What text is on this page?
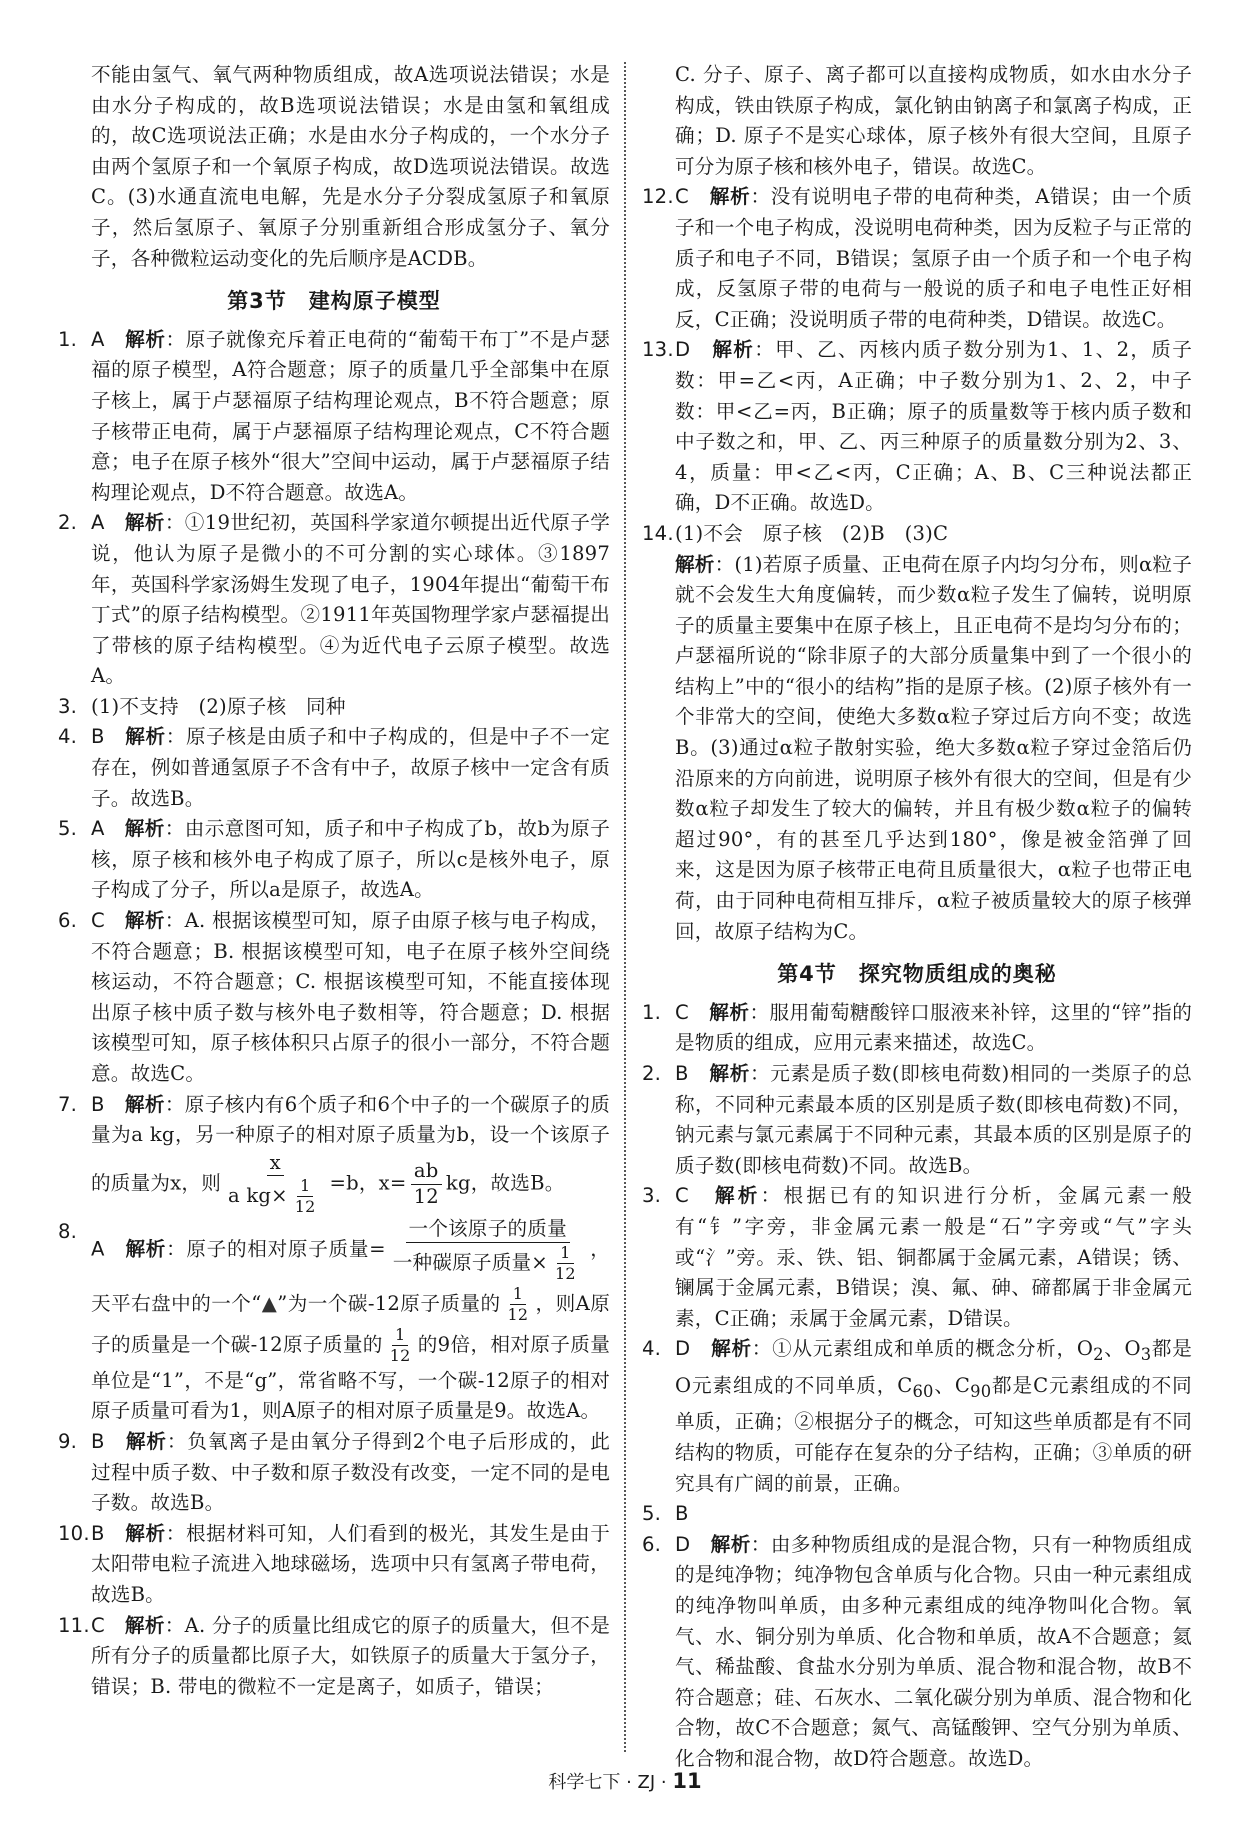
不能由氢气、氧气两种物质组成，故A选项说法错误；水是由水分子构成的，故B选项说法错误；水是由氢和氧组成的，故C选项说法正确；水是由水分子构成的，一个水分子由两个氢原子和一个氧原子构成，故D选项说法错误。故选C。(3)水通直流电电解，先是水分子分裂成氢原子和氧原子，然后氢原子、氧原子分别重新组合形成氢分子、氧分子，各种微粒运动变化的先后顺序是ACDB。
第3节　建构原子模型
1. A　 解析：原子就像充斥着正电荷的“葡萄干布丁”不是卢瑟福的原子模型，A符合题意；原子的质量几乎全部集中在原子核上，属于卢瑟福原子结构理论观点，B不符合题意；原子核带正电荷，属于卢瑟福原子结构理论观点，C不符合题意；电子在原子核外“很大”空间中运动，属于卢瑟福原子结构理论观点，D不符合题意。故选A。
2. A　 解析：①19世纪初，英国科学家道尔顿提出近代原子学说，他认为原子是微小的不可分割的实心球体。③1897年，英国科学家汤姆生发现了电子，1904年提出“葡萄干布丁式”的原子结构模型。②1911年英国物理学家卢瑟福提出了带核的原子结构模型。④为近代电子云原子模型。故选A。
3. (1)不支持　(2)原子核　同种
4. B　 解析：原子核是由质子和中子构成的，但是中子不一定存在，例如普通氢原子不含有中子，故原子核中一定含有质子。故选B。
5. A　 解析：由示意图可知，质子和中子构成了b，故b为原子核，原子核和核外电子构成了原子，所以c是核外电子，原子构成了分子，所以a是原子，故选A。
6. C　 解析：A. 根据该模型可知，原子由原子核与电子构成，不符合题意；B. 根据该模型可知，电子在原子核外空间绕核运动，不符合题意；C. 根据该模型可知，不能直接体现出原子核中质子数与核外电子数相等，符合题意；D. 根据该模型可知，原子核体积只占原子的很小一部分，不符合题意。故选C。
7. B　 解析：原子核内有6个质子和6个中子的一个碳原子的质量为a kg，另一种原子的相对原子质量为b，设一个该原子的质量为x，则 $\frac{x}{a kg\times \frac{1}{12}} =b$，$x= \frac{ab}{12}$ kg，故选B。
8.
A　 解析：原子的相对原子质量= $\frac{\text{一个该原子的质量}}{一种碳原子质量\times \frac{1}{12}}$ ，天平右盘中的一个“▲”为一个碳-12原子质量的 $\frac{1}{12}$ ，则A原子的质量是一个碳-12原子质量的 $\frac{1}{12}$ 的9倍，相对原子质量单位是“1”，不是“g”，常省略不写，一个碳-12原子的相对原子质量可看为1，则A原子的相对原子质量是9。故选A。
9. B　 解析：负氧离子是由氧分子得到2个电子后形成的，此过程中质子数、中子数和原子数没有改变，一定不同的是电子数。故选B。
10. B　 解析：根据材料可知，人们看到的极光，其发生是由于太阳带电粒子流进入地球磁场，选项中只有氢离子带电荷，故选B。
11. C　 解析：A. 分子的质量比组成它的原子的质量大，但不是所有分子的质量都比原子大，如铁原子的质量大于氢分子，错误；B. 带电的微粒不一定是离子，如质子，错误；
C. 分子、原子、离子都可以直接构成物质，如水由水分子构成，铁由铁原子构成，氯化钠由钠离子和氯离子构成，正确；D. 原子不是实心球体，原子核外有很大空间，且原子可分为原子核和核外电子，错误。故选C。
12. C　 解析：没有说明电子带的电荷种类，A错误；由一个质子和一个电子构成，没说明电荷种类，因为反粒子与正常的质子和电子不同，B错误；氢原子由一个质子和一个电子构成，反氢原子带的电荷与一般说的质子和电子电性正好相反，C正确；没说明质子带的电荷种类，D错误。故选C。
13. D　 解析：甲、乙、丙核内质子数分别为1、1、2，质子数：甲=乙<丙，A正确；中子数分别为1、2、2，中子数：甲<乙=丙，B正确；原子的质量数等于核内质子数和中子数之和，甲、乙、丙三种原子的质量数分别为2、3、4，质量：甲<乙<丙，C正确；A、B、C三种说法都正确，D不正确。故选D。
14. (1)不会　原子核　(2)B　(3)C
解析：(1)若原子质量、正电荷在原子内均匀分布，则α粒子就不会发生大角度偏转，而少数α粒子发生了偏转，说明原子的质量主要集中在原子核上，且正电荷不是均匀分布的；卢瑟福所说的“除非原子的大部分质量集中到了一个很小的结构上”中的“很小的结构”指的是原子核。(2)原子核外有一个非常大的空间，使绝大多数α粒子穿过后方向不变；故选B。(3)通过α粒子散射实验，绝大多数α粒子穿过金箔后仍沿原来的方向前进，说明原子核外有很大的空间，但是有少数α粒子却发生了较大的偏转，并且有极少数α粒子的偏转超过90°，有的甚至几乎达到180°，像是被金箔弹了回来，这是因为原子核带正电荷且质量很大，α粒子也带正电荷，由于同种电荷相互排斥，α粒子被质量较大的原子核弹回，故原子结构为C。
第4节　探究物质组成的奥秘
1. C　 解析：服用葡萄糖酸锌口服液来补锌，这里的“锌”指的是物质的组成，应用元素来描述，故选C。
2. B　 解析：元素是质子数(即核电荷数)相同的一类原子的总称，不同种元素最本质的区别是质子数(即核电荷数)不同，钠元素与氯元素属于不同种元素，其最本质的区别是原子的质子数(即核电荷数)不同。故选B。
3. C　 解析：根据已有的知识进行分析，金属元素一般有“钅”字旁，非金属元素一般是“石”字旁或“气”字头或“氵”旁。汞、铁、铝、铜都属于金属元素，A错误；锈、镧属于金属元素，B错误；溴、氟、砷、碲都属于非金属元素，C正确；汞属于金属元素，D错误。
4. D　 解析：①从元素组成和单质的概念分析，$O_2$、$O_3$都是O元素组成的不同单质，$C_{60}$、$C_{90}$都是C元素组成的不同单质，正确；②根据分子的概念，可知这些单质都是有不同结构的物质，可能存在复杂的分子结构，正确；③单质的研究具有广阔的前景，正确。
5. B
6. D　 解析：由多种物质组成的是混合物，只有一种物质组成的是纯净物；纯净物包含单质与化合物。只由一种元素组成的纯净物叫单质，由多种元素组成的纯净物叫化合物。氧气、水、铜分别为单质、化合物和单质，故A不合题意；氦气、稀盐酸、食盐水分别为单质、混合物和混合物，故B不符合题意；硅、石灰水、二氧化碳分别为单质、混合物和化合物，故C不合题意；氮气、高锰酸钾、空气分别为单质、化合物和混合物，故D符合题意。故选D。
科学七下 · ZJ · 11
